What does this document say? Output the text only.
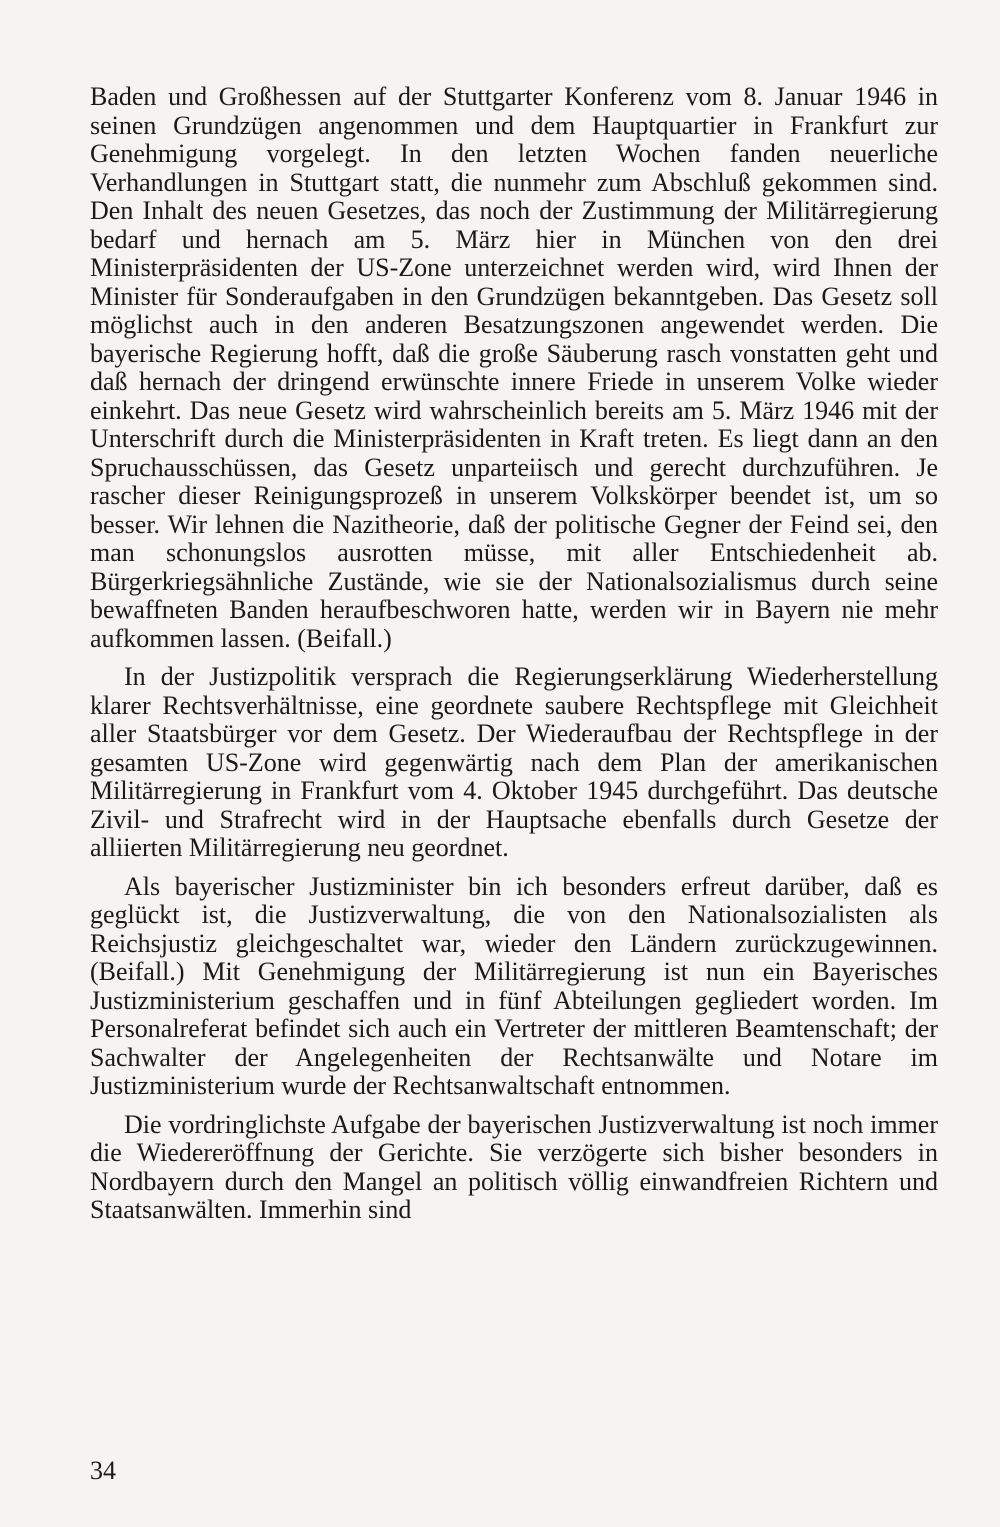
Baden und Großhessen auf der Stuttgarter Konferenz vom 8. Januar 1946 in seinen Grundzügen angenommen und dem Hauptquartier in Frankfurt zur Genehmigung vorgelegt. In den letzten Wochen fanden neuerliche Verhandlungen in Stuttgart statt, die nunmehr zum Abschluß gekommen sind. Den Inhalt des neuen Gesetzes, das noch der Zustimmung der Militärregierung bedarf und hernach am 5. März hier in München von den drei Ministerpräsidenten der US-Zone unterzeichnet werden wird, wird Ihnen der Minister für Sonderaufgaben in den Grundzügen bekanntgeben. Das Gesetz soll möglichst auch in den anderen Besatzungszonen angewendet werden. Die bayerische Regierung hofft, daß die große Säuberung rasch vonstatten geht und daß hernach der dringend erwünschte innere Friede in unserem Volke wieder einkehrt. Das neue Gesetz wird wahrscheinlich bereits am 5. März 1946 mit der Unterschrift durch die Ministerpräsidenten in Kraft treten. Es liegt dann an den Spruchausschüssen, das Gesetz unparteiisch und gerecht durchzuführen. Je rascher dieser Reinigungsprozeß in unserem Volkskörper beendet ist, um so besser. Wir lehnen die Nazitheorie, daß der politische Gegner der Feind sei, den man schonungslos ausrotten müsse, mit aller Entschiedenheit ab. Bürgerkriegsähnliche Zustände, wie sie der Nationalsozialismus durch seine bewaffneten Banden heraufbeschworen hatte, werden wir in Bayern nie mehr aufkommen lassen. (Beifall.)

In der Justizpolitik versprach die Regierungserklärung Wiederherstellung klarer Rechtsverhältnisse, eine geordnete saubere Rechtspflege mit Gleichheit aller Staatsbürger vor dem Gesetz. Der Wiederaufbau der Rechtspflege in der gesamten US-Zone wird gegenwärtig nach dem Plan der amerikanischen Militärregierung in Frankfurt vom 4. Oktober 1945 durchgeführt. Das deutsche Zivil- und Strafrecht wird in der Hauptsache ebenfalls durch Gesetze der alliierten Militärregierung neu geordnet.

Als bayerischer Justizminister bin ich besonders erfreut darüber, daß es geglückt ist, die Justizverwaltung, die von den Nationalsozialisten als Reichsjustiz gleichgeschaltet war, wieder den Ländern zurückzugewinnen. (Beifall.) Mit Genehmigung der Militärregierung ist nun ein Bayerisches Justizministerium geschaffen und in fünf Abteilungen gegliedert worden. Im Personalreferat befindet sich auch ein Vertreter der mittleren Beamtenschaft; der Sachwalter der Angelegenheiten der Rechtsanwälte und Notare im Justizministerium wurde der Rechtsanwaltschaft entnommen.

Die vordringlichste Aufgabe der bayerischen Justizverwaltung ist noch immer die Wiedereröffnung der Gerichte. Sie verzögerte sich bisher besonders in Nordbayern durch den Mangel an politisch völlig einwandfreien Richtern und Staatsanwälten. Immerhin sind

34
